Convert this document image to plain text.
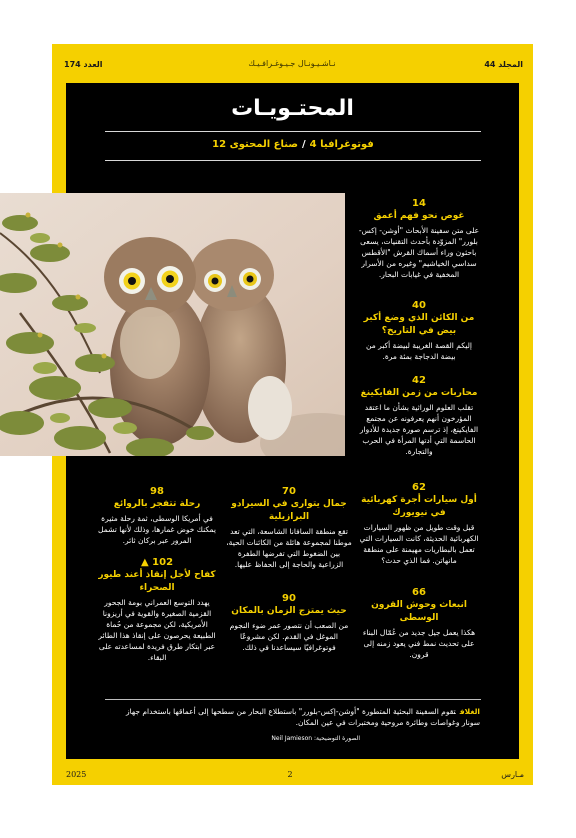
المجلد 44
نـاشـيـونـال جـيـوغـرافـيـك
العدد 174
المحتـويـات
فوتوغرافيا 4/صناع المحتوى 12
14
غوص نحو فهم أعمق
على متن سفينة الأبحاث "أوشن- إكس-بلورر" المزوّدة بأحدث التقنيات، يسعى باحثون وراء أسماك القرش "الأقطس سداسي الخياشيم" وغيره من الأسرار المخفية في غيابات البحار.
40
من الكائن الذي وضع أكبر بيض في التاريخ؟
إليكم القصة الغريبة لبيضة أكبر من بيضة الدجاجة بمئة مرة.
42
محاربات من زمن الفايكينغ
تقلب العلوم الوراثية بشأن ما اعتقد المؤرخون أنهم يعرفونه عن مجتمع الفايكينغ، إذ ترسم صورة جديدة للأدوار الحاسمة التي أدتها المرأة في الحرب والتجارة.
62
أول سيارات أجرة كهربائية في نيويورك
قبل وقت طويل من ظهور السيارات الكهربائية الحديثة، كانت السيارات التي تعمل بالبطاريات مهيمنة على منطقة مانهاتن. فما الذي حدث؟
66
انبعاث وحوش القرون الوسطى
هكذا يعمل جيل جديد من عُمّال البناء على تحديث نمط فني يعود زمنه إلى قرون.
70
جمال يتوارى في السيرادو البرازيلية
تقع منطقة السافانا الشاسعة، التي تعد موطنا لمجموعة هائلة من الكائنات الحية، بين الضغوط التي تفرضها الطفرة الزراعية والحاجة إلى الحفاظ عليها.
90
حيث يمتزج الزمان بالمكان
من الصعب أن نتصور عمر ضوء النجوم الموغل في القدم. لكن مشروعًا فوتوغرافيًا سيساعدنا في ذلك.
98
رحلة تتفجر بالروائع
في أمريكا الوسطى، ثمة رحلة مثيرة يمكنك خوض غمارها، وذلك لأنها تشمل المرور عبر بركان ثائر.
102 ▲
كفاح لأجل إنقاذ أعند طيور الصحراء
يهدد التوسع العمراني بومة الجحور القزمية الصغيرة والقوية في أريزونا الأمريكية، لكن مجموعة من حُماة الطبيعة يحرصون على إنقاذ هذا الطائر عبر ابتكار طرق فريدة لمساعدته على البقاء.
الغلافتقوم السفينة البحثية المتطورة "أوشن-إكس-بلورر" باستطلاع البحار من سطحها إلى أعماقها باستخدام جهاز سونار وغواصات وطائرة مروحية ومختبرات في عين المكان.
الصورة التوضيحية: Neil Jamieson
مـارس
2
2025
